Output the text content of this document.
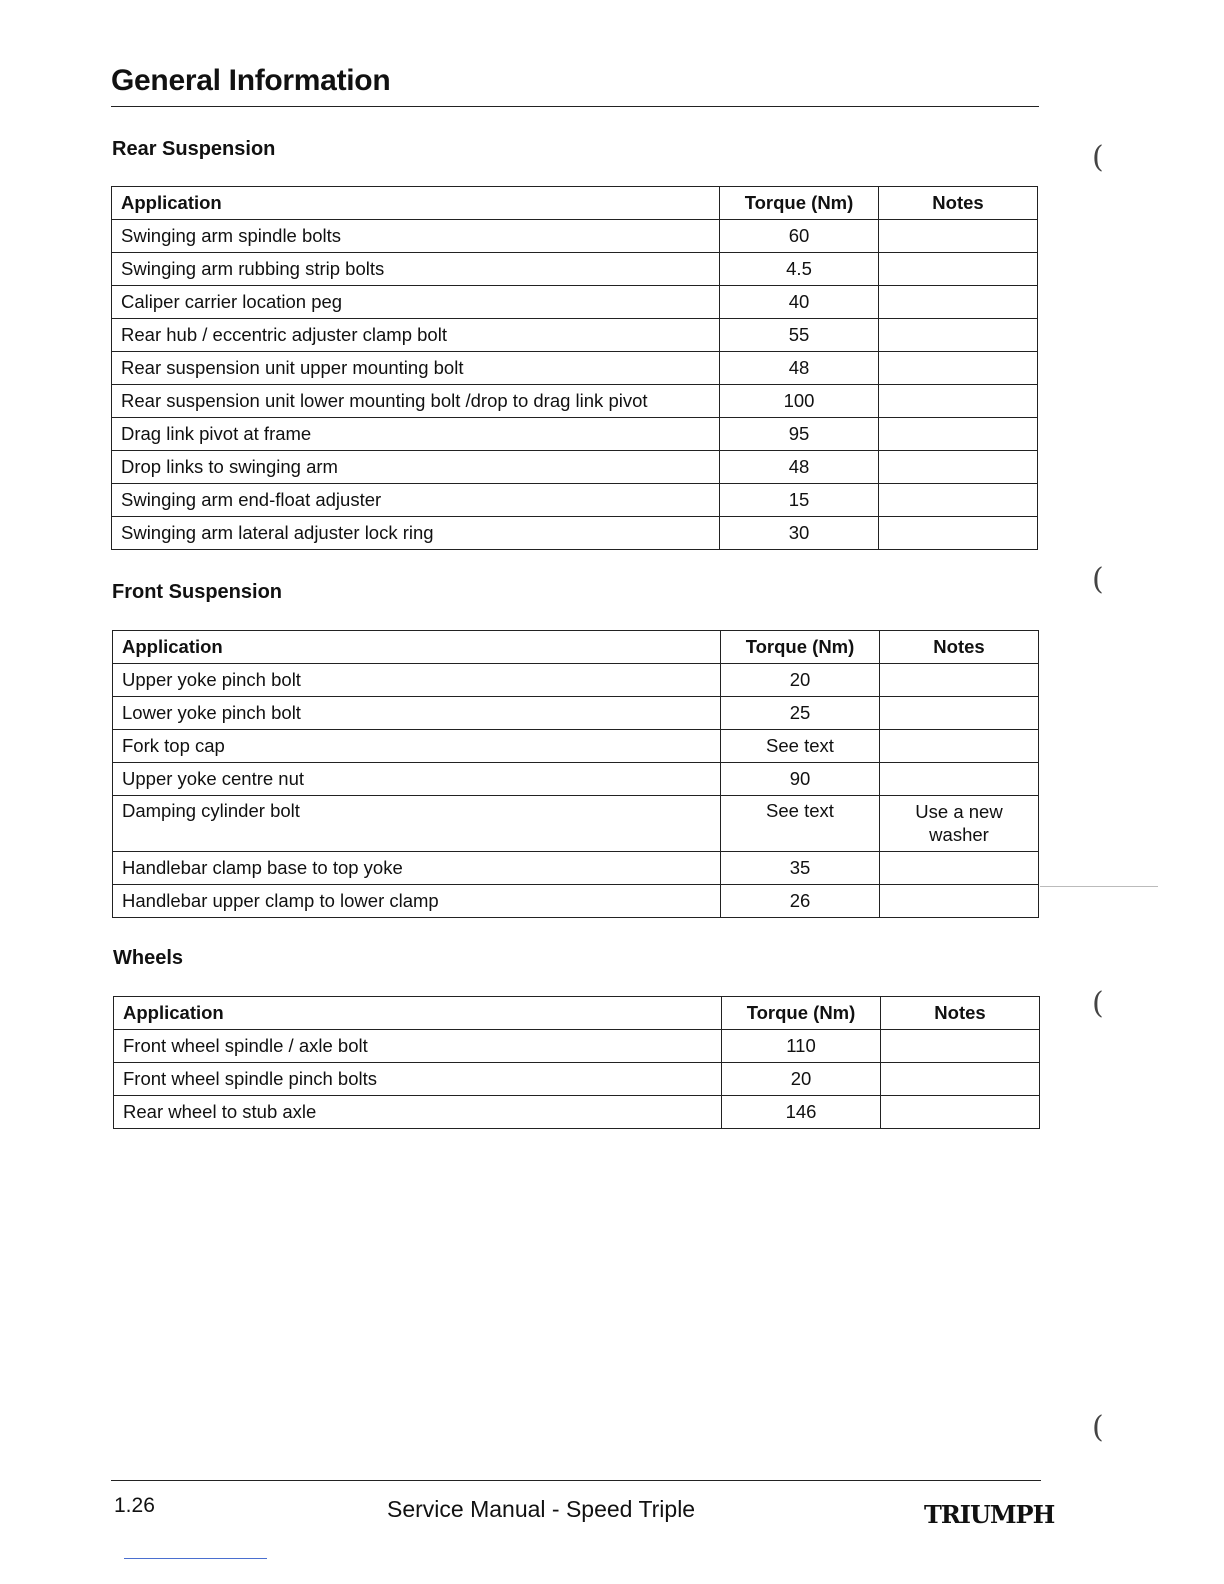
General Information
Rear Suspension
Application	Torque (Nm)	Notes
Swinging arm spindle bolts	60	
Swinging arm rubbing strip bolts	4.5	
Caliper carrier location peg	40	
Rear hub / eccentric adjuster clamp bolt	55	
Rear suspension unit upper mounting bolt	48	
Rear suspension unit lower mounting bolt /drop to drag link pivot	100	
Drag link pivot at frame	95	
Drop links to swinging arm	48	
Swinging arm end-float adjuster	15	
Swinging arm lateral adjuster lock ring	30	
Front Suspension
Application	Torque (Nm)	Notes
Upper yoke pinch bolt	20	
Lower yoke pinch bolt	25	
Fork top cap	See text	
Upper yoke centre nut	90	
Damping cylinder bolt	See text	Use a new washer
Handlebar clamp base to top yoke	35	
Handlebar upper clamp to lower clamp	26	
Wheels
Application	Torque (Nm)	Notes
Front wheel spindle / axle bolt	110	
Front wheel spindle pinch bolts	20	
Rear wheel to stub axle	146	
(
(
(
(
1.26	Service Manual - Speed Triple	TRIUMPH
